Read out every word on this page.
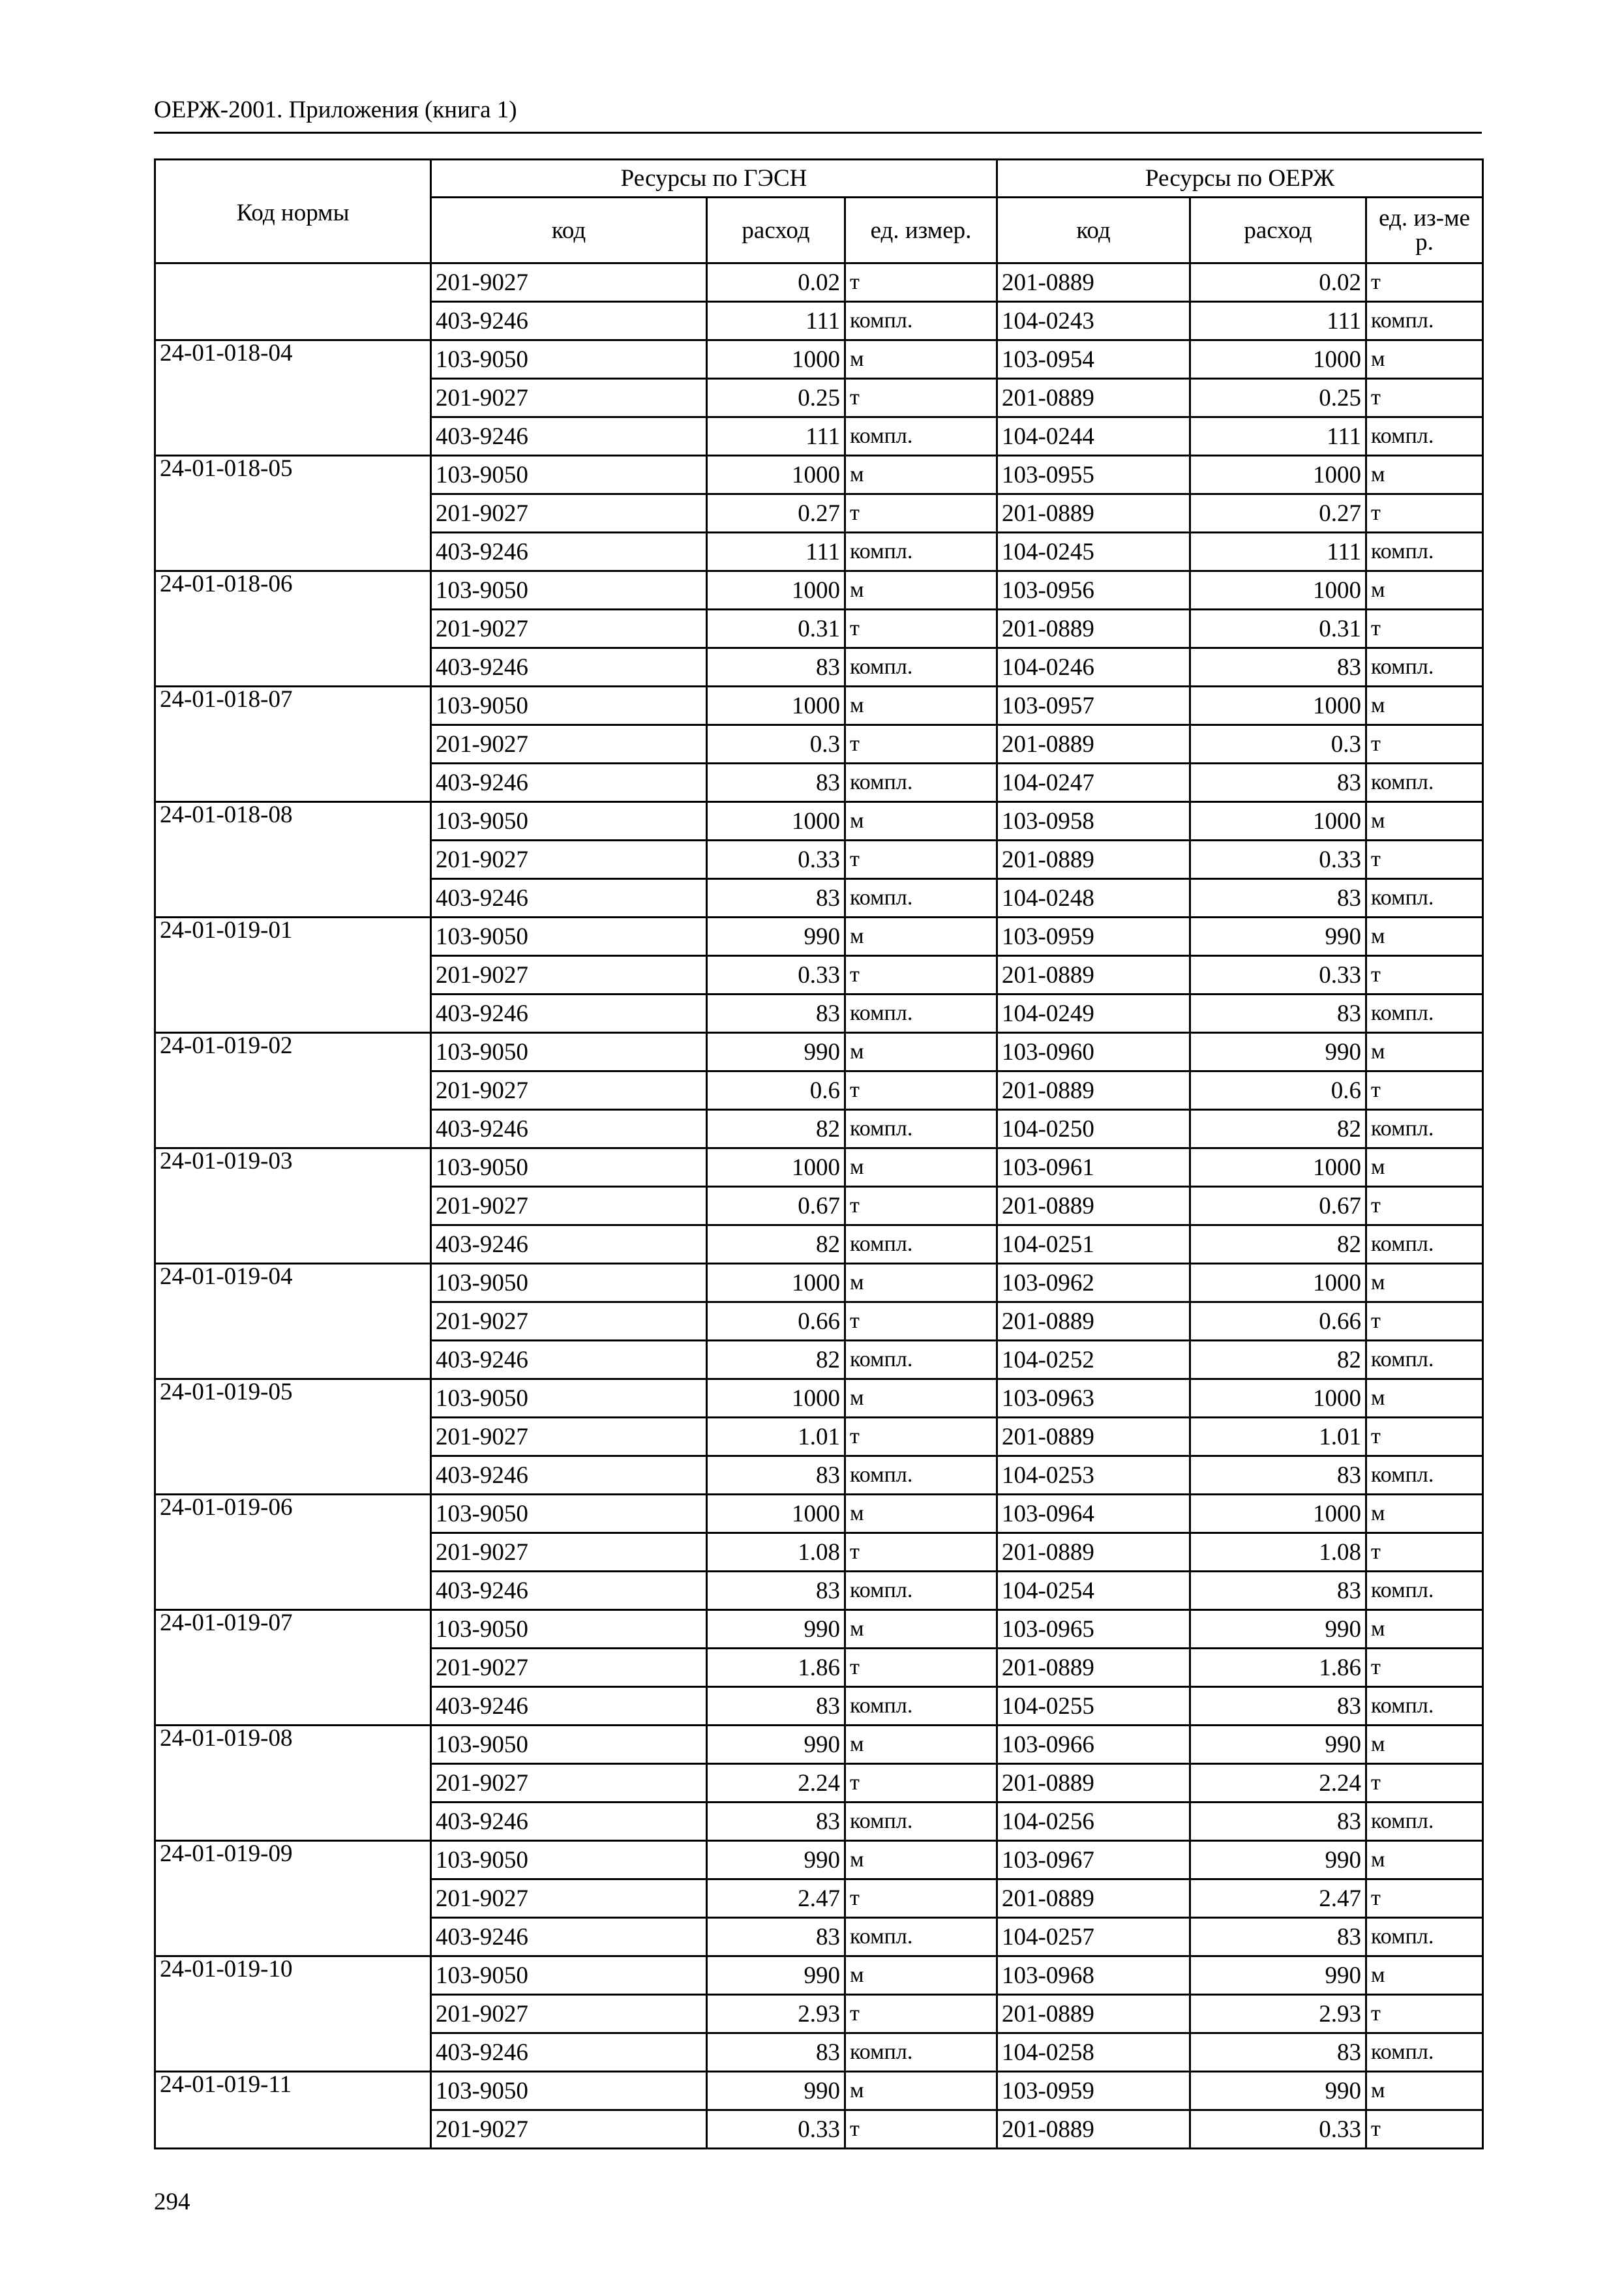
ОЕРЖ-2001. Приложения (книга 1)
Код нормы	Ресурсы по ГЭСН			Ресурсы по ОЕРЖ		
	код	расход	ед. измер.	код	расход	ед. из-мер.
	201-9027	0.02	т	201-0889	0.02	т
	403-9246	111	компл.	104-0243	111	компл.
24-01-018-04	103-9050	1000	м	103-0954	1000	м
	201-9027	0.25	т	201-0889	0.25	т
	403-9246	111	компл.	104-0244	111	компл.
24-01-018-05	103-9050	1000	м	103-0955	1000	м
	201-9027	0.27	т	201-0889	0.27	т
	403-9246	111	компл.	104-0245	111	компл.
24-01-018-06	103-9050	1000	м	103-0956	1000	м
	201-9027	0.31	т	201-0889	0.31	т
	403-9246	83	компл.	104-0246	83	компл.
24-01-018-07	103-9050	1000	м	103-0957	1000	м
	201-9027	0.3	т	201-0889	0.3	т
	403-9246	83	компл.	104-0247	83	компл.
24-01-018-08	103-9050	1000	м	103-0958	1000	м
	201-9027	0.33	т	201-0889	0.33	т
	403-9246	83	компл.	104-0248	83	компл.
24-01-019-01	103-9050	990	м	103-0959	990	м
	201-9027	0.33	т	201-0889	0.33	т
	403-9246	83	компл.	104-0249	83	компл.
24-01-019-02	103-9050	990	м	103-0960	990	м
	201-9027	0.6	т	201-0889	0.6	т
	403-9246	82	компл.	104-0250	82	компл.
24-01-019-03	103-9050	1000	м	103-0961	1000	м
	201-9027	0.67	т	201-0889	0.67	т
	403-9246	82	компл.	104-0251	82	компл.
24-01-019-04	103-9050	1000	м	103-0962	1000	м
	201-9027	0.66	т	201-0889	0.66	т
	403-9246	82	компл.	104-0252	82	компл.
24-01-019-05	103-9050	1000	м	103-0963	1000	м
	201-9027	1.01	т	201-0889	1.01	т
	403-9246	83	компл.	104-0253	83	компл.
24-01-019-06	103-9050	1000	м	103-0964	1000	м
	201-9027	1.08	т	201-0889	1.08	т
	403-9246	83	компл.	104-0254	83	компл.
24-01-019-07	103-9050	990	м	103-0965	990	м
	201-9027	1.86	т	201-0889	1.86	т
	403-9246	83	компл.	104-0255	83	компл.
24-01-019-08	103-9050	990	м	103-0966	990	м
	201-9027	2.24	т	201-0889	2.24	т
	403-9246	83	компл.	104-0256	83	компл.
24-01-019-09	103-9050	990	м	103-0967	990	м
	201-9027	2.47	т	201-0889	2.47	т
	403-9246	83	компл.	104-0257	83	компл.
24-01-019-10	103-9050	990	м	103-0968	990	м
	201-9027	2.93	т	201-0889	2.93	т
	403-9246	83	компл.	104-0258	83	компл.
24-01-019-11	103-9050	990	м	103-0959	990	м
	201-9027	0.33	т	201-0889	0.33	т
294
